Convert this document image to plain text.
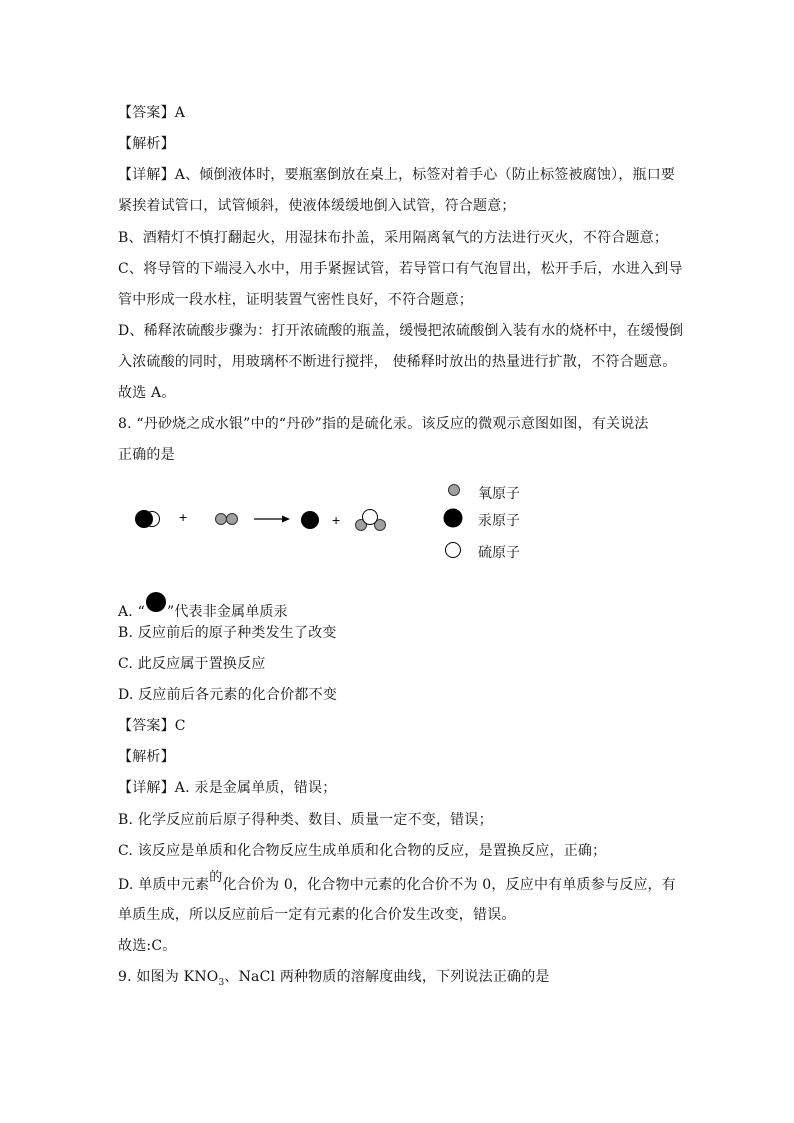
【答案】A
【解析】
【详解】A、倾倒液体时，要瓶塞倒放在桌上，标签对着手心（防止标签被腐蚀），瓶口要
紧挨着试管口，试管倾斜，使液体缓缓地倒入试管，符合题意；
B、酒精灯不慎打翻起火，用湿抹布扑盖，采用隔离氧气的方法进行灭火，不符合题意；
C、将导管的下端浸入水中，用手紧握试管，若导管口有气泡冒出，松开手后，水进入到导
管中形成一段水柱，证明装置气密性良好，不符合题意；
D、稀释浓硫酸步骤为：打开浓硫酸的瓶盖，缓慢把浓硫酸倒入装有水的烧杯中，在缓慢倒
入浓硫酸的同时，用玻璃杯不断进行搅拌， 使稀释时放出的热量进行扩散，不符合题意。
故选 A。
8. “丹砂烧之成水银”中的“丹砂”指的是硫化汞。该反应的微观示意图如图，有关说法
正确的是
+	+
氧原子
汞原子
硫原子
A. “ ”代表非金属单质汞
B. 反应前后的原子种类发生了改变
C. 此反应属于置换反应
D. 反应前后各元素的化合价都不变
【答案】C
【解析】
【详解】A. 汞是金属单质，错误；
B. 化学反应前后原子得种类、数目、质量一定不变，错误；
C. 该反应是单质和化合物反应生成单质和化合物的反应，是置换反应，正确；
D. 单质中元素的化合价为 0，化合物中元素的化合价不为 0，反应中有单质参与反应，有
单质生成，所以反应前后一定有元素的化合价发生改变，错误。
故选:C。
9. 如图为 $KNO_3$、NaCl 两种物质的溶解度曲线，下列说法正确的是
